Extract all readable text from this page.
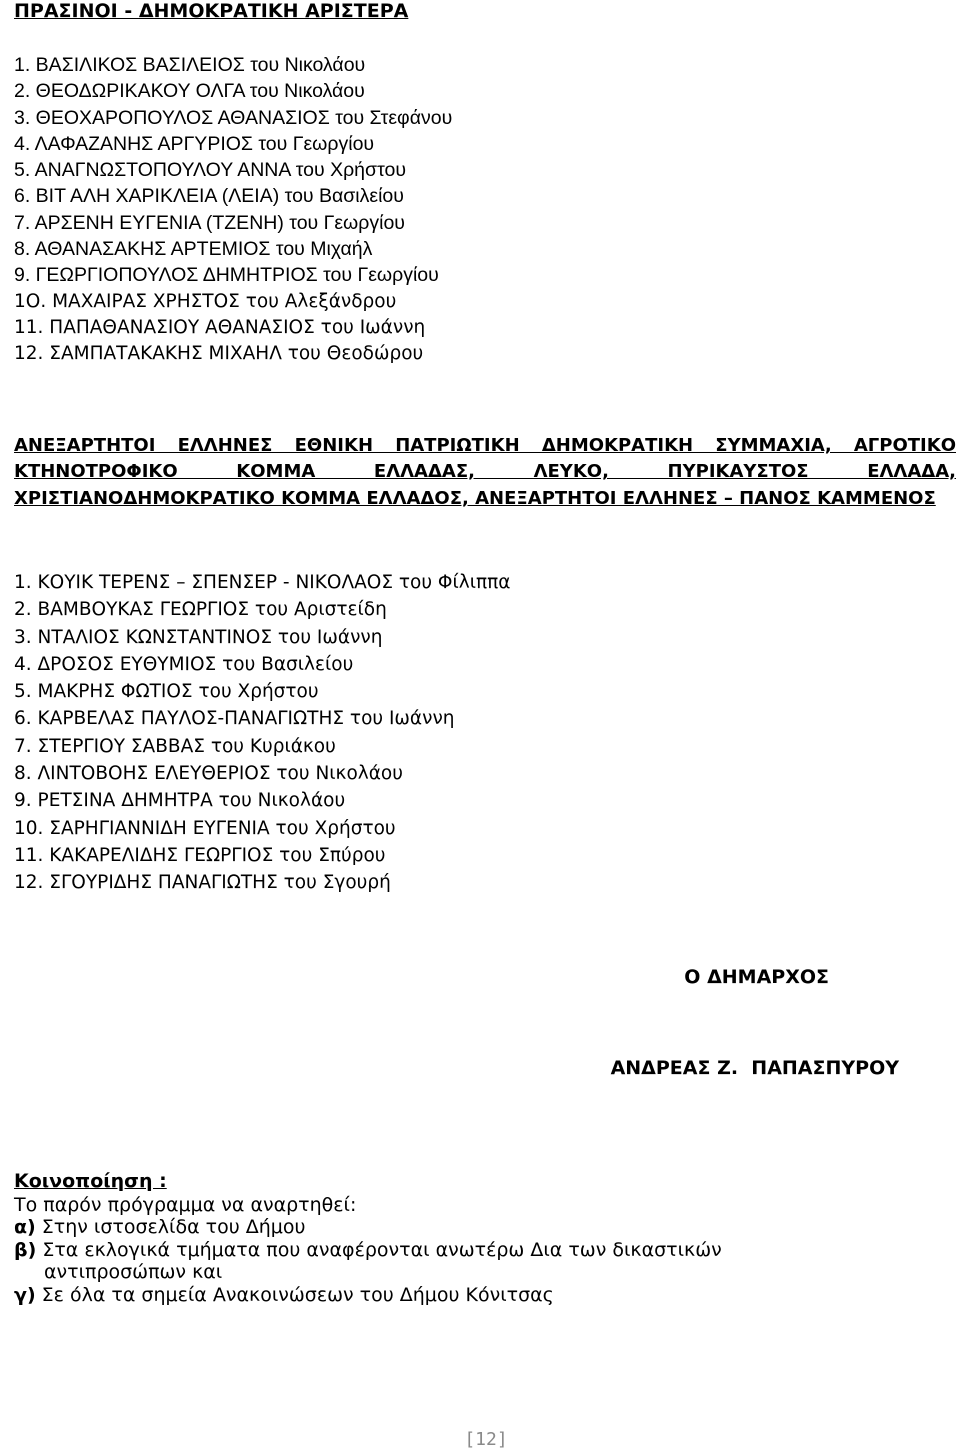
ΠΡΑΣΙΝΟΙ - ΔΗΜΟΚΡΑΤΙΚΗ ΑΡΙΣΤΕΡΑ
1. ΒΑΣΙΛΙΚΟΣ ΒΑΣΙΛΕΙΟΣ του Νικολάου
2. ΘΕΟΔΩΡΙΚΑΚΟΥ ΟΛΓΑ του Νικολάου
3. ΘΕΟΧΑΡΟΠΟΥΛΟΣ ΑΘΑΝΑΣΙΟΣ του Στεφάνου
4. ΛΑΦΑΖΑΝΗΣ ΑΡΓΥΡΙΟΣ του Γεωργίου
5. ΑΝΑΓΝΩΣΤΟΠΟΥΛΟΥ ΑΝΝΑ του Χρήστου
6. ΒΙΤ ΑΛΗ ΧΑΡΙΚΛΕΙΑ (ΛΕΙΑ) του Βασιλείου
7. ΑΡΣΕΝΗ ΕΥΓΕΝΙΑ (ΤΖΕΝΗ) του Γεωργίου
8. ΑΘΑΝΑΣΑΚΗΣ ΑΡΤΕΜΙΟΣ του Μιχαήλ
9. ΓΕΩΡΓΙΟΠΟΥΛΟΣ ΔΗΜΗΤΡΙΟΣ του Γεωργίου
1Ο. ΜΑΧΑΙΡΑΣ ΧΡΗΣΤΟΣ του Αλεξάνδρου
11. ΠΑΠΑΘΑΝΑΣΙΟΥ ΑΘΑΝΑΣΙΟΣ του Ιωάννη
12. ΣΑΜΠΑΤΑΚΑΚΗΣ ΜΙΧΑΗΛ του Θεοδώρου
ΑΝΕΞΑΡΤΗΤΟΙ ΕΛΛΗΝΕΣ ΕΘΝΙΚΗ ΠΑΤΡΙΩΤΙΚΗ ΔΗΜΟΚΡΑΤΙΚΗ ΣΥΜΜΑΧΙΑ, ΑΓΡΟΤΙΚΟ ΚΤΗΝΟΤΡΟΦΙΚΟ ΚΟΜΜΑ ΕΛΛΑΔΑΣ, ΛΕΥΚΟ, ΠΥΡΙΚΑΥΣΤΟΣ ΕΛΛΑΔΑ, ΧΡΙΣΤΙΑΝΟΔΗΜΟΚΡΑΤΙΚΟ ΚΟΜΜΑ ΕΛΛΑΔΟΣ, ΑΝΕΞΑΡΤΗΤΟΙ ΕΛΛΗΝΕΣ – ΠΑΝΟΣ ΚΑΜΜΕΝΟΣ
1. ΚΟΥΙΚ ΤΕΡΕΝΣ – ΣΠΕΝΣΕΡ - ΝΙΚΟΛΑΟΣ του Φίλιππα
2. ΒΑΜΒΟΥΚΑΣ ΓΕΩΡΓΙΟΣ του Αριστείδη
3. ΝΤΑΛΙΟΣ ΚΩΝΣΤΑΝΤΙΝΟΣ του Ιωάννη
4. ΔΡΟΣΟΣ ΕΥΘΥΜΙΟΣ του Βασιλείου
5. ΜΑΚΡΗΣ ΦΩΤΙΟΣ του Χρήστου
6. ΚΑΡΒΕΛΑΣ ΠΑΥΛΟΣ-ΠΑΝΑΓΙΩΤΗΣ του Ιωάννη
7. ΣΤΕΡΓΙΟΥ ΣΑΒΒΑΣ του Κυριάκου
8. ΛΙΝΤΟΒΟΗΣ ΕΛΕΥΘΕΡΙΟΣ του Νικολάου
9. ΡΕΤΣΙΝΑ ΔΗΜΗΤΡΑ του Νικολάου
10. ΣΑΡΗΓΙΑΝΝΙΔΗ ΕΥΓΕΝΙΑ του Χρήστου
11. ΚΑΚΑΡΕΛΙΔΗΣ ΓΕΩΡΓΙΟΣ του Σπύρου
12. ΣΓΟΥΡΙΔΗΣ ΠΑΝΑΓΙΩΤΗΣ του Σγουρή
Ο ΔΗΜΑΡΧΟΣ
ΑΝΔΡΕΑΣ Ζ.  ΠΑΠΑΣΠΥΡΟΥ
Κοινοποίηση :
Το παρόν πρόγραμμα να αναρτηθεί:
α) Στην ιστοσελίδα του Δήμου
β) Στα εκλογικά τμήματα που αναφέρονται ανωτέρω Δια των δικαστικών
αντιπροσώπων και
γ) Σε όλα τα σημεία Ανακοινώσεων του Δήμου Κόνιτσας
[12]
